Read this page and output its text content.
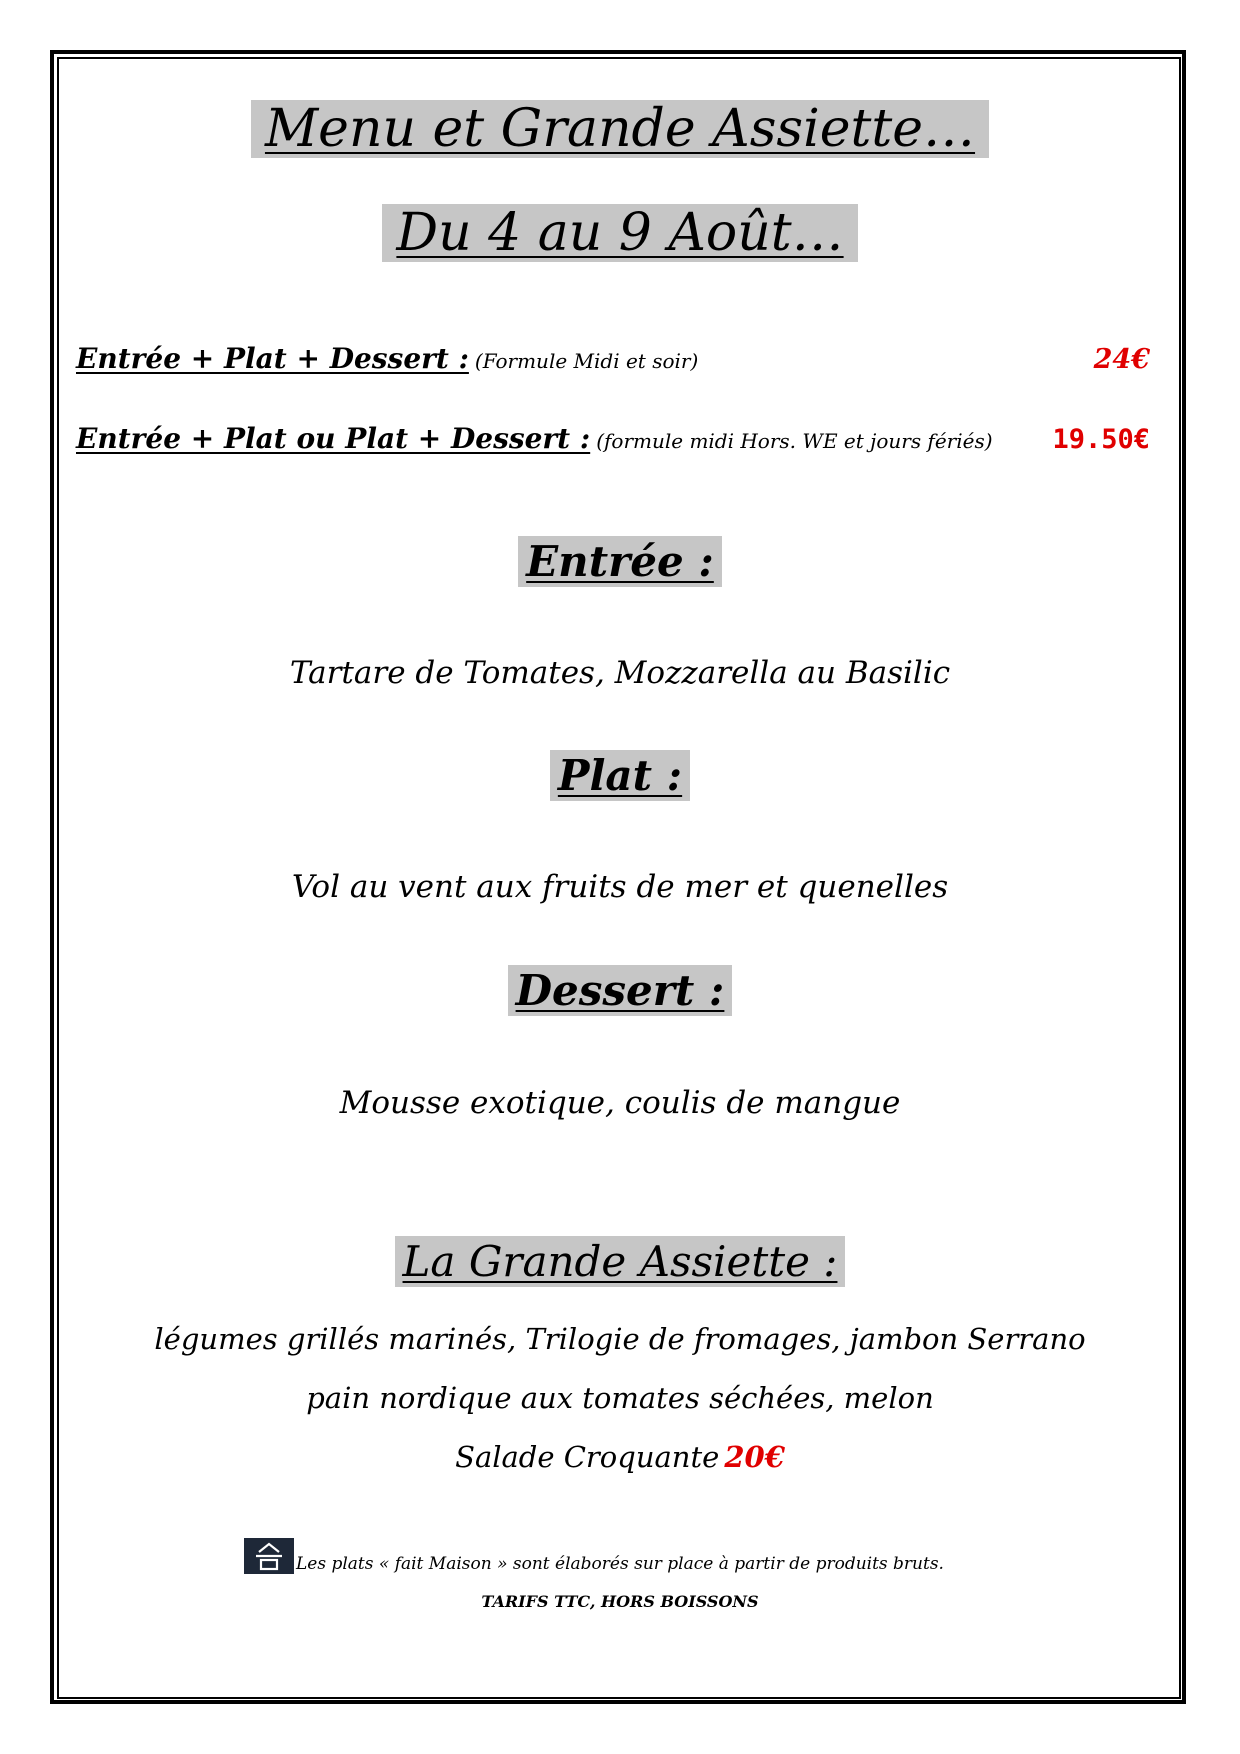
Menu et Grande Assiette…
Du 4 au 9 Août…
Entrée + Plat + Dessert : (Formule Midi et soir)	24€
Entrée + Plat ou Plat + Dessert : (formule midi Hors. WE et jours fériés) 19.50€
Entrée :
Tartare de Tomates, Mozzarella au Basilic
Plat :
Vol au vent aux fruits de mer et quenelles
Dessert :
Mousse exotique, coulis de mangue
La Grande Assiette :
légumes grillés marinés, Trilogie de fromages, jambon Serrano
pain nordique aux tomates séchées, melon
Salade Croquante 20€
Les plats « fait Maison » sont élaborés sur place à partir de produits bruts.
TARIFS TTC, HORS BOISSONS
